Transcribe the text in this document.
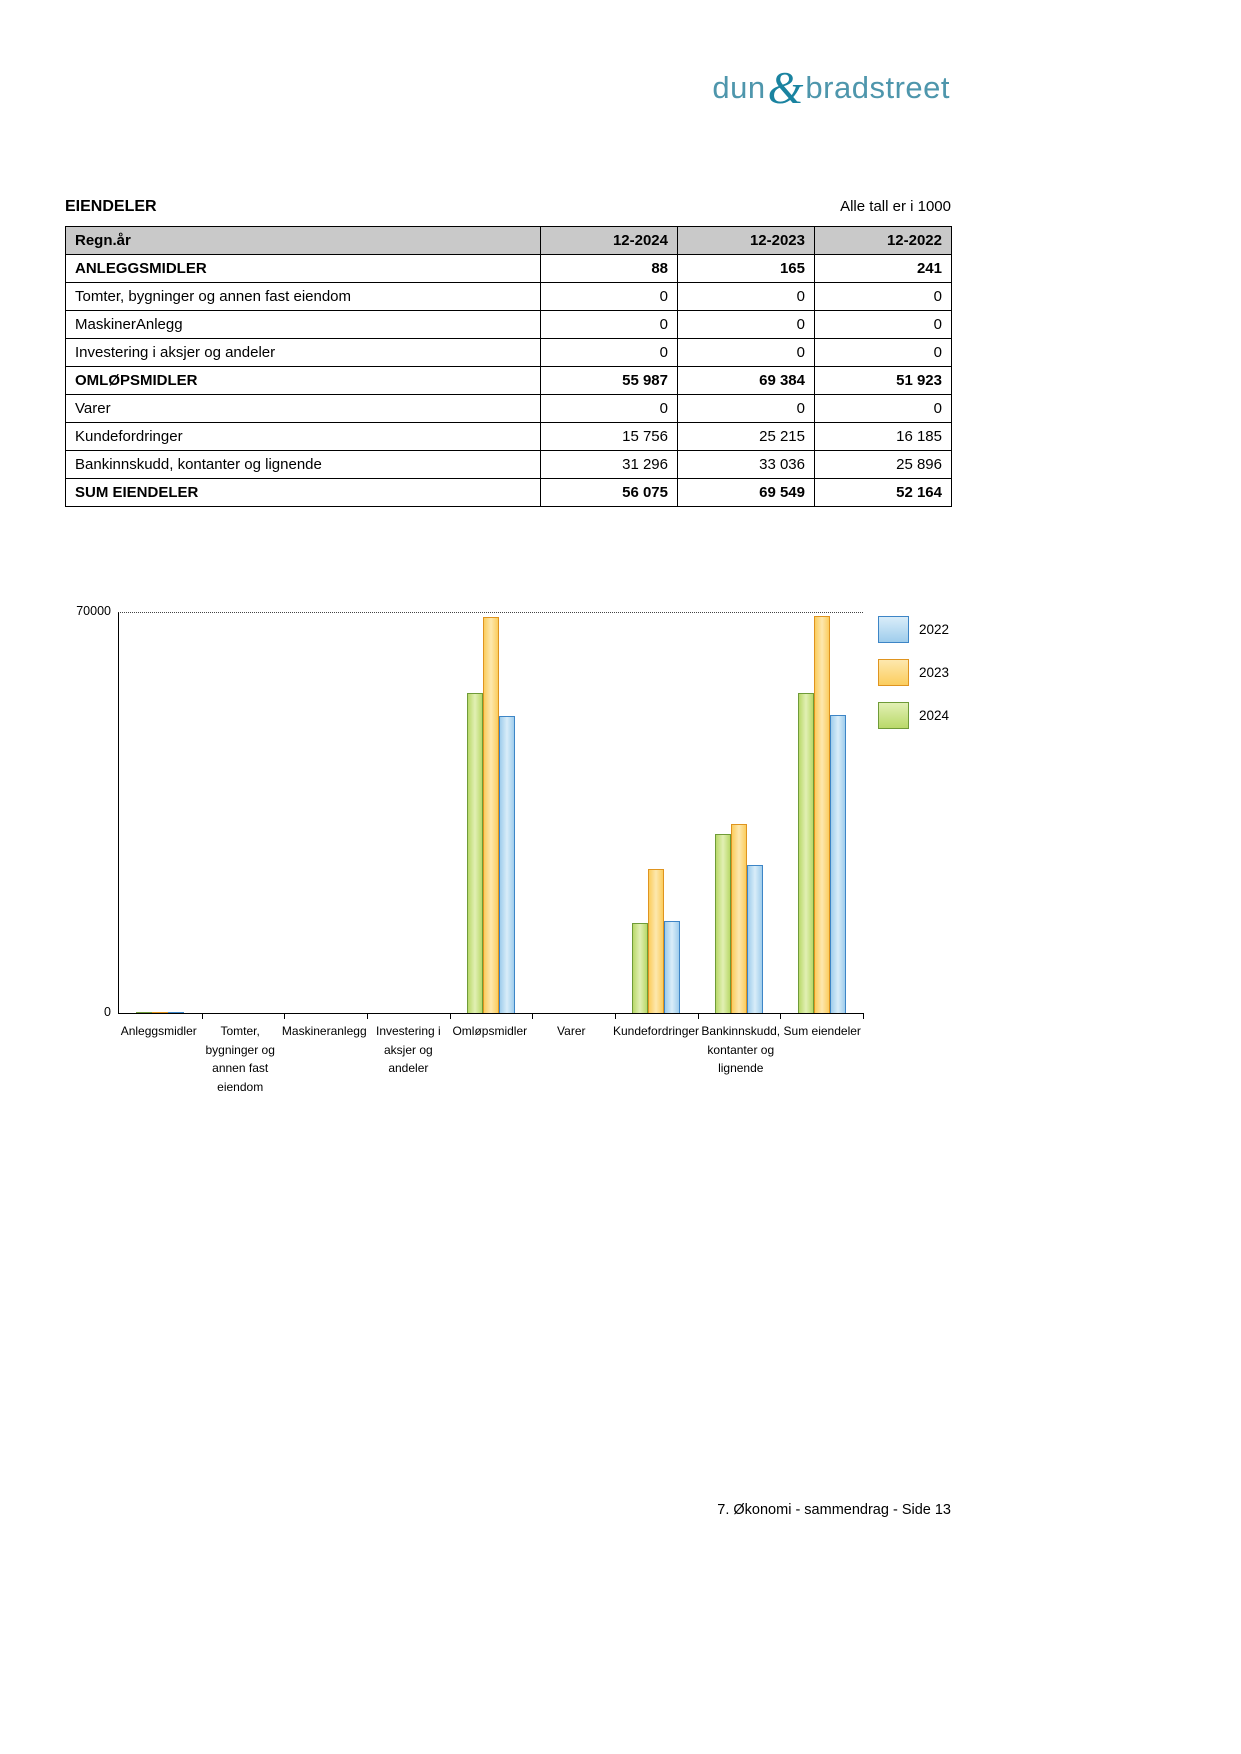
dun & bradstreet
EIENDELER	Alle tall er i 1000
Regn.år	12-2024	12-2023	12-2022
ANLEGGSMIDLER	88	165	241
Tomter, bygninger og annen fast eiendom	0	0	0
MaskinerAnlegg	0	0	0
Investering i aksjer og andeler	0	0	0
OMLØPSMIDLER	55 987	69 384	51 923
Varer	0	0	0
Kundefordringer	15 756	25 215	16 185
Bankinnskudd, kontanter og lignende	31 296	33 036	25 896
SUM EIENDELER	56 075	69 549	52 164
70000
0
Anleggsmidler	Tomter, bygninger og annen fast eiendom
Maskineranlegg Investering i aksjer og andeler
Omløpsmidler	Varer	Kundefordringer Bankinnskudd, kontanter og lignende
Sum eiendeler
2022
2023
2024
7. Økonomi - sammendrag - Side 13
